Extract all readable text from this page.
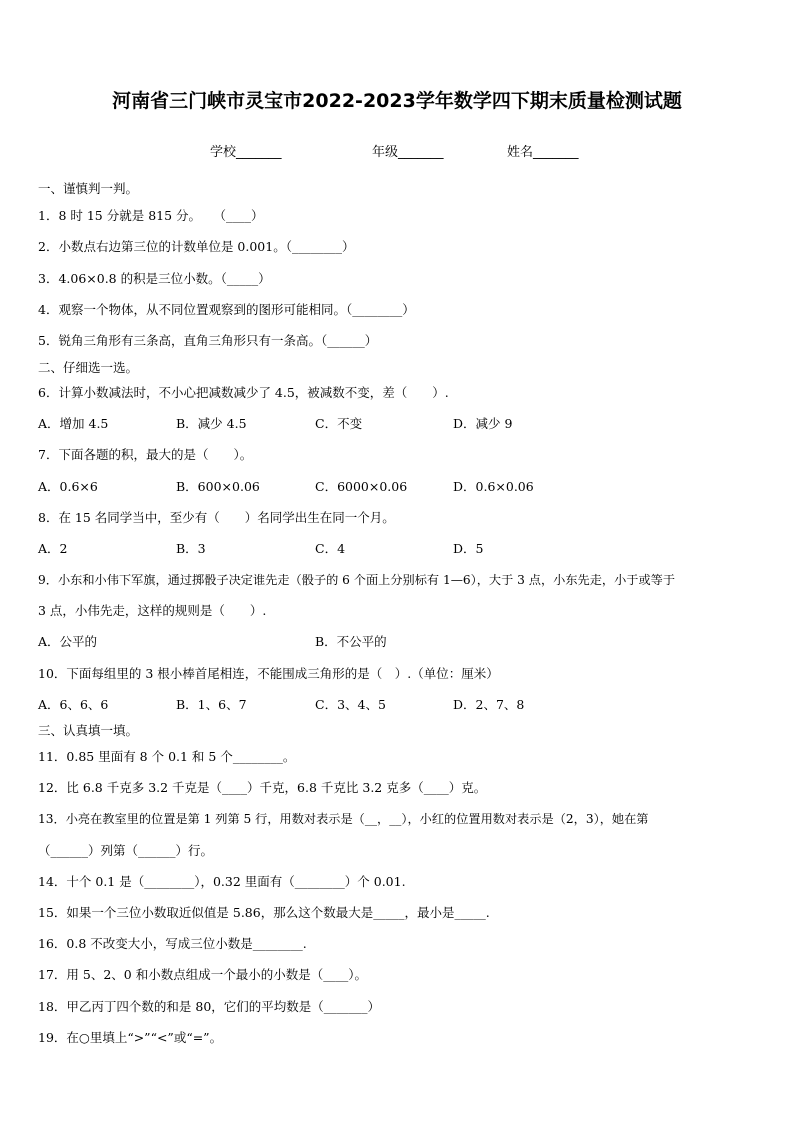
河南省三门峡市灵宝市2022-2023学年数学四下期末质量检测试题
学校_______	年级_______	姓名_______
一、谨慎判一判。
1．8 时 15 分就是 815 分。　　（____）
2．小数点右边第三位的计数单位是 0.001。（________）
3．4.06×0.8 的积是三位小数。（_____）
4．观察一个物体，从不同位置观察到的图形可能相同。（________）
5．锐角三角形有三条高，直角三角形只有一条高。（______）
二、仔细选一选。
6．计算小数减法时，不小心把减数减少了 4.5，被减数不变，差（　　）.
A．增加 4.5	B．减少 4.5	C．不变	D．减少 9
7．下面各题的积，最大的是（　　）。
A．0.6×6	B．600×0.06	C．6000×0.06	D．0.6×0.06
8．在 15 名同学当中，至少有（　　）名同学出生在同一个月。
A．2	B．3	C．4	D．5
9．小东和小伟下军旗，通过掷骰子决定谁先走（骰子的 6 个面上分别标有 1—6），大于 3 点，小东先走，小于或等于
3 点，小伟先走，这样的规则是（　　）.
A．公平的	B．不公平的
10．下面每组里的 3 根小棒首尾相连，不能围成三角形的是（　）.（单位：厘米）
A．6、6、6	B．1、6、7	C．3、4、5	D．2、7、8
三、认真填一填。
11．0.85 里面有 8 个 0.1 和 5 个________。
12．比 6.8 千克多 3.2 千克是（____）千克，6.8 千克比 3.2 克多（____）克。
13．小亮在教室里的位置是第 1 列第 5 行，用数对表示是（__，__），小红的位置用数对表示是（2，3），她在第
（______）列第（______）行。
14．十个 0.1 是（________），0.32 里面有（________）个 0.01.
15．如果一个三位小数取近似值是 5.86，那么这个数最大是_____，最小是_____.
16．0.8 不改变大小，写成三位小数是________.
17．用 5、2、0 和小数点组成一个最小的小数是（____）。
18．甲乙丙丁四个数的和是 80，它们的平均数是（_______）
19．在○里填上“>”“<”或“=”。
